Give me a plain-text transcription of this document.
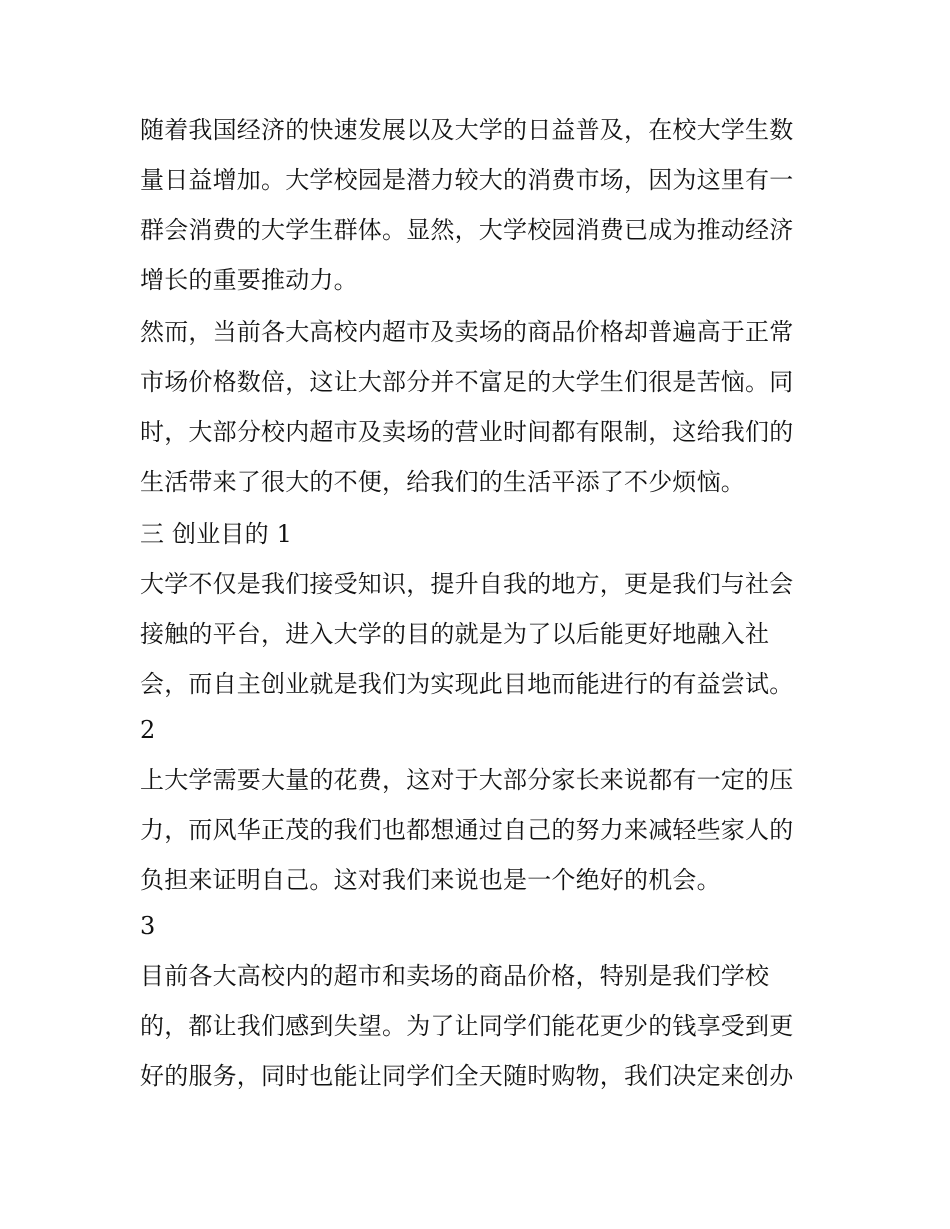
随着我国经济的快速发展以及大学的日益普及，在校大学生数
量日益增加。大学校园是潜力较大的消费市场，因为这里有一
群会消费的大学生群体。显然，大学校园消费已成为推动经济
增长的重要推动力。
然而，当前各大高校内超市及卖场的商品价格却普遍高于正常
市场价格数倍，这让大部分并不富足的大学生们很是苦恼。同
时，大部分校内超市及卖场的营业时间都有限制，这给我们的
生活带来了很大的不便，给我们的生活平添了不少烦恼。
三 创业目的 1
大学不仅是我们接受知识，提升自我的地方，更是我们与社会
接触的平台，进入大学的目的就是为了以后能更好地融入社
会，而自主创业就是我们为实现此目地而能进行的有益尝试。
2
上大学需要大量的花费，这对于大部分家长来说都有一定的压
力，而风华正茂的我们也都想通过自己的努力来减轻些家人的
负担来证明自己。这对我们来说也是一个绝好的机会。
3
目前各大高校内的超市和卖场的商品价格，特别是我们学校
的，都让我们感到失望。为了让同学们能花更少的钱享受到更
好的服务，同时也能让同学们全天随时购物，我们决定来创办
